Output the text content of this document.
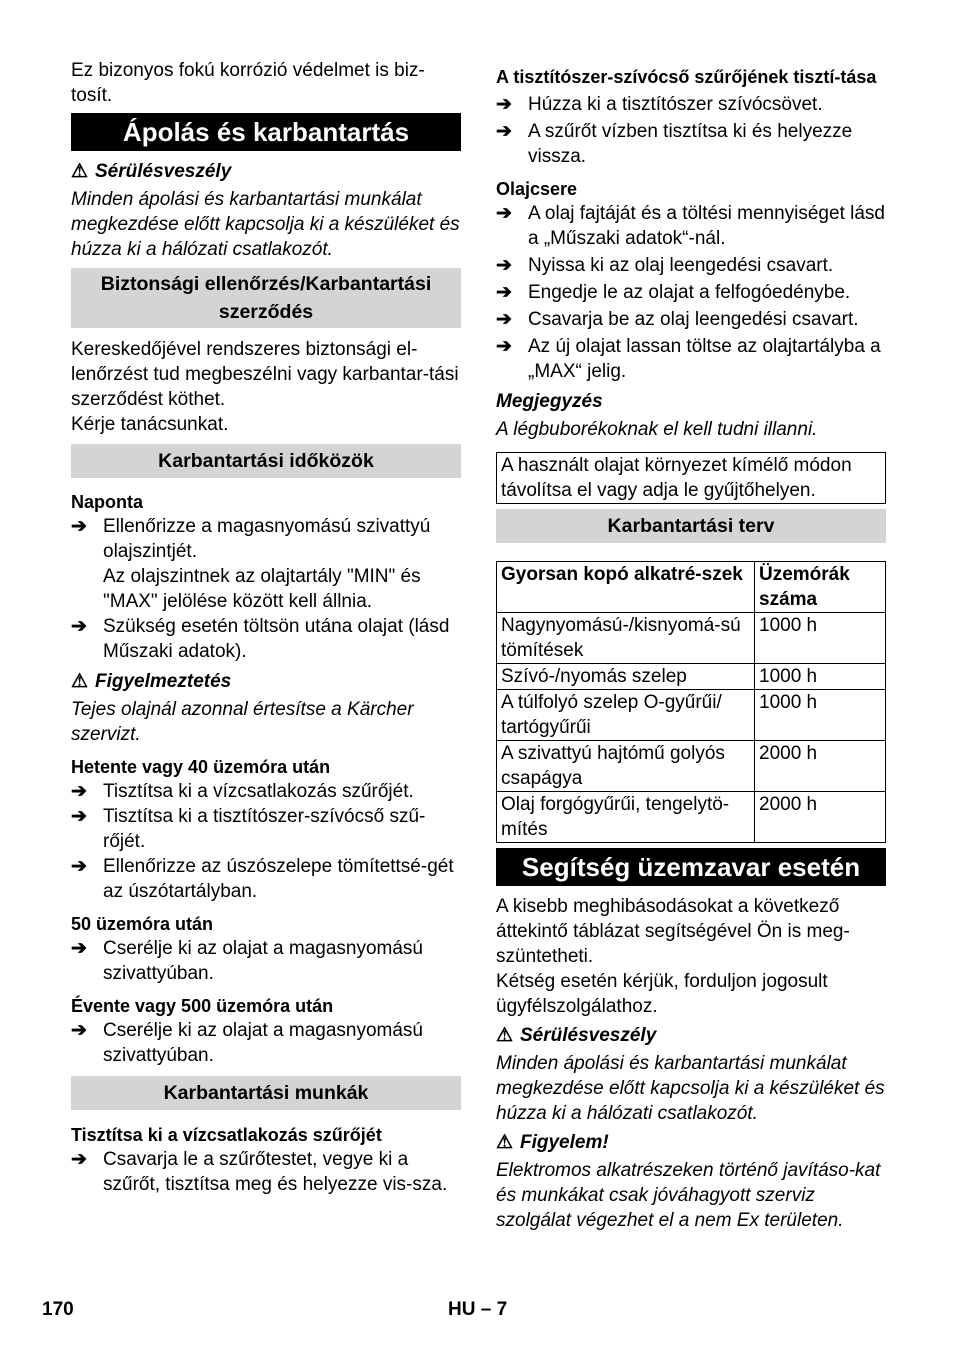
Ez bizonyos fokú korrózió védelmet is biz-tosít.

Ápolás és karbantartás
⚠ Sérülésveszély

Minden ápolási és karbantartási munkálat megkezdése előtt kapcsolja ki a készüléket és húzza ki a hálózati csatlakozót.

Biztonsági ellenőrzés/Karbantartási szerződés

Kereskedőjével rendszeres biztonsági el-lenőrzést tud megbeszélni vagy karbantar-tási szerződést köthet.

Kérje tanácsunkat.

Karbantartási időközök
Naponta
➔ Ellenőrizze a magasnyomású szivattyú olajszintjét.

Az olajszintnek az olajtartály "MIN" és "MAX" jelölése között kell állnia.

➔ Szükség esetén töltsön utána olajat (lásd Műszaki adatok).
⚠ Figyelmeztetés

Tejes olajnál azonnal értesítse a Kärcher szervizt.

Hetente vagy 40 üzemóra után
➔ Tisztítsa ki a vízcsatlakozás szűrőjét.
➔ Tisztítsa ki a tisztítószer-szívócső szű-rőjét.
➔ Ellenőrizze az úszószelepe tömítettsé-gét az úszótartályban.
50 üzemóra után
➔ Cserélje ki az olajat a magasnyomású szivattyúban.
Évente vagy 500 üzemóra után
➔ Cserélje ki az olajat a magasnyomású szivattyúban.
Karbantartási munkák
Tisztítsa ki a vízcsatlakozás szűrőjét
➔ Csavarja le a szűrőtestet, vegye ki a szűrőt, tisztítsa meg és helyezze vis-sza.
A tisztítószer-szívócső szűrőjének tisztí-tása
➔ Húzza ki a tisztítószer szívócsövet.
➔ A szűrőt vízben tisztítsa ki és helyezze vissza.
Olajcsere
➔ A olaj fajtáját és a töltési mennyiséget lásd a „Műszaki adatok“-nál.
➔ Nyissa ki az olaj leengedési csavart.
➔ Engedje le az olajat a felfogóedénybe.
➔ Csavarja be az olaj leengedési csavart.
➔ Az új olajat lassan töltse az olajtartályba a „MAX“ jelig.
Megjegyzés

A légbuborékoknak el kell tudni illanni.

A használt olajat környezet kímélő módon távolítsa el vagy adja le gyűjtőhelyen.
Karbantartási terv
Gyorsan kopó alkatré-szek	Üzemórák száma
Nagynyomású-/kisnyomá-sú tömítések	1000 h
Szívó-/nyomás szelep	1000 h
A túlfolyó szelep O-gyűrűi/ tartógyűrűi	1000 h
A szivattyú hajtómű golyós csapágya	2000 h
Olaj forgógyűrűi, tengelytö-mítés	2000 h
Segítség üzemzavar esetén

A kisebb meghibásodásokat a következő áttekintő táblázat segítségével Ön is meg-szüntetheti.

Kétség esetén kérjük, forduljon jogosult ügyfélszolgálathoz.

⚠ Sérülésveszély

Minden ápolási és karbantartási munkálat megkezdése előtt kapcsolja ki a készüléket és húzza ki a hálózati csatlakozót.

⚠ Figyelem!

Elektromos alkatrészeken történő javításo-kat és munkákat csak jóváhagyott szerviz szolgálat végezhet el a nem Ex területen.

170	HU – 7
